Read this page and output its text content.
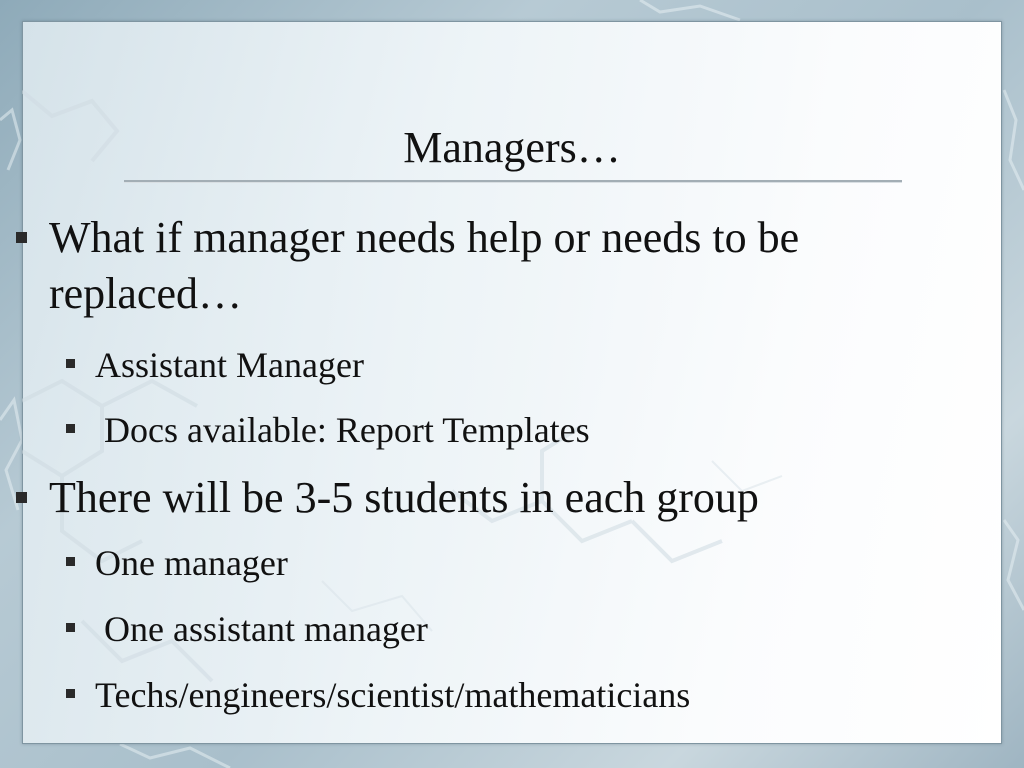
Managers…
What if manager needs help or needs to be replaced…
Assistant Manager
Docs available: Report Templates
There will be 3-5 students in each group
One manager
One assistant manager
Techs/engineers/scientist/mathematicians
